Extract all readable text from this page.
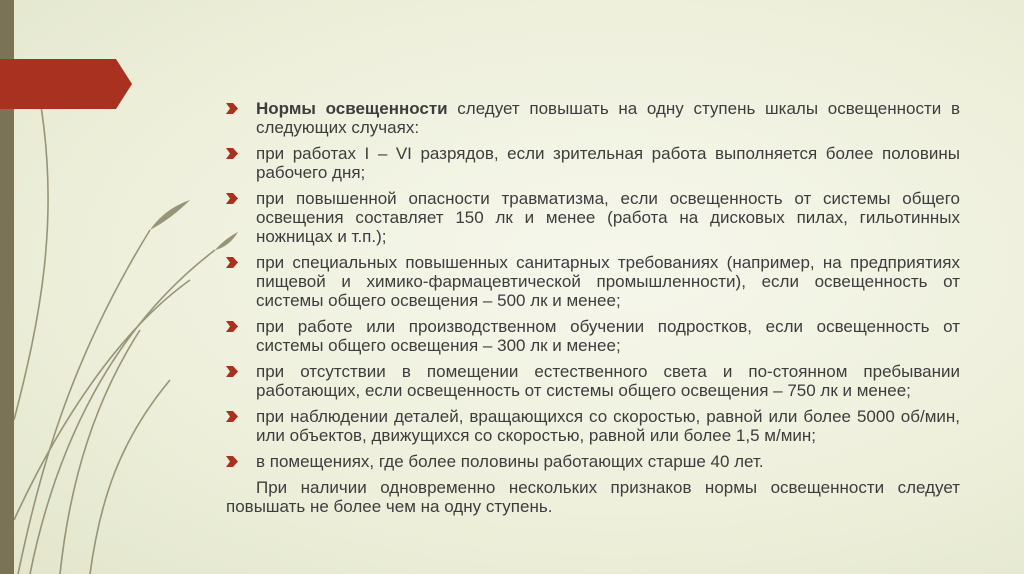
Нормы освещенности следует повышать на одну ступень шкалы освещенности в следующих случаях:
при работах I – VI разрядов, если зрительная работа выполняется более половины рабочего дня;
при повышенной опасности травматизма, если освещенность от системы общего освещения составляет 150 лк и менее (работа на дисковых пилах, гильотинных ножницах и т.п.);
при специальных повышенных санитарных требованиях (например, на предприятиях пищевой и химико-фармацевтической промышленности), если освещенность от системы общего освещения – 500 лк и менее;
при работе или производственном обучении подростков, если освещенность от системы общего освещения – 300 лк и менее;
при отсутствии в помещении естественного света и по-стоянном пребывании работающих, если освещенность от системы общего освещения – 750 лк и менее;
при наблюдении деталей, вращающихся со скоростью, равной или более 5000 об/мин, или объектов, движущихся со скоростью, равной или более 1,5 м/мин;
в помещениях, где более половины работающих старше 40 лет.
При наличии одновременно нескольких признаков нормы освещенности следует повышать не более чем на одну ступень.
